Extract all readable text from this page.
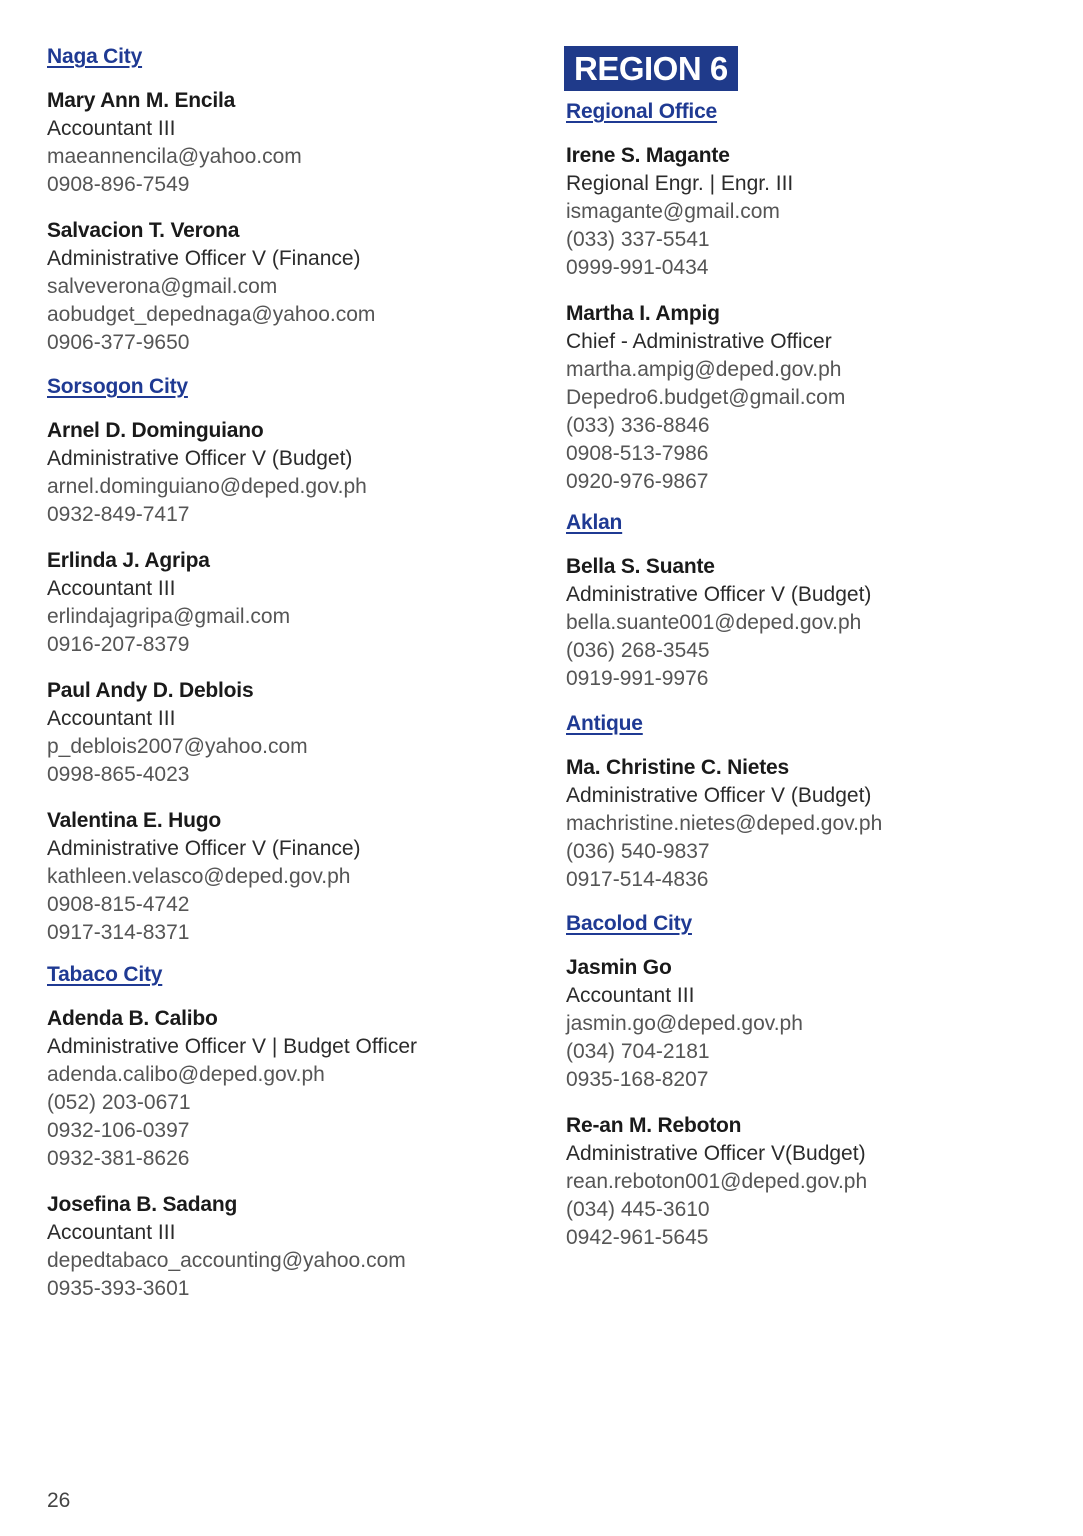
Naga City
Mary Ann M. Encila
Accountant III
maeannencila@yahoo.com
0908-896-7549
Salvacion T. Verona
Administrative Officer V (Finance)
salveverona@gmail.com
aobudget_depednaga@yahoo.com
0906-377-9650
Sorsogon City
Arnel D. Dominguiano
Administrative Officer V (Budget)
arnel.dominguiano@deped.gov.ph
0932-849-7417
Erlinda J. Agripa
Accountant III
erlindajagripa@gmail.com
0916-207-8379
Paul Andy D. Deblois
Accountant III
p_deblois2007@yahoo.com
0998-865-4023
Valentina E. Hugo
Administrative Officer V (Finance)
kathleen.velasco@deped.gov.ph
0908-815-4742
0917-314-8371
Tabaco City
Adenda B. Calibo
Administrative Officer V | Budget Officer
adenda.calibo@deped.gov.ph
(052) 203-0671
0932-106-0397
0932-381-8626
Josefina B. Sadang
Accountant III
depedtabaco_accounting@yahoo.com
0935-393-3601
REGION 6
Regional Office
Irene S. Magante
Regional Engr. | Engr. III
ismagante@gmail.com
(033) 337-5541
0999-991-0434
Martha I. Ampig
Chief - Administrative Officer
martha.ampig@deped.gov.ph
Depedro6.budget@gmail.com
(033) 336-8846
0908-513-7986
0920-976-9867
Aklan
Bella S. Suante
Administrative Officer V (Budget)
bella.suante001@deped.gov.ph
(036) 268-3545
0919-991-9976
Antique
Ma. Christine C. Nietes
Administrative Officer V (Budget)
machristine.nietes@deped.gov.ph
(036) 540-9837
0917-514-4836
Bacolod City
Jasmin Go
Accountant III
jasmin.go@deped.gov.ph
(034) 704-2181
0935-168-8207
Re-an M. Reboton
Administrative Officer V(Budget)
rean.reboton001@deped.gov.ph
(034) 445-3610
0942-961-5645
26
